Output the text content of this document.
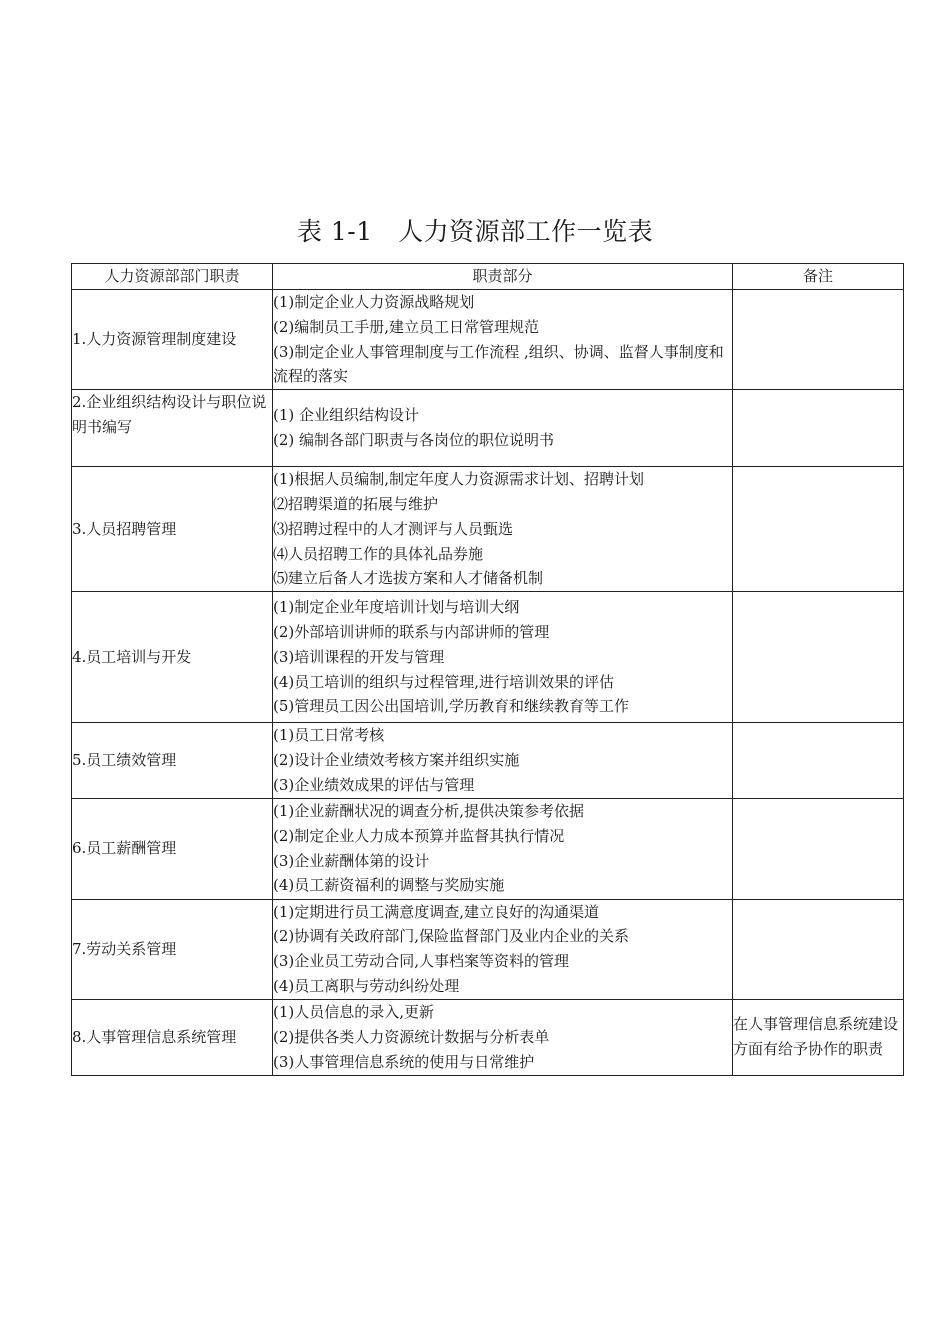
表 1-1　人力资源部工作一览表
人力资源部部门职责	职责部分	备注
1.人力资源管理制度建设	(1)制定企业人力资源战略规划
(2)编制员工手册,建立员工日常管理规范
(3)制定企业人事管理制度与工作流程 ,组织、协调、监督人事制度和流程的落实	

2.企业组织结构设计与职位说明书编写	(1) 企业组织结构设计
(2) 编制各部门职责与各岗位的职位说明书	

3.人员招聘管理	(1)根据人员编制,制定年度人力资源需求计划、招聘计划
⑵招聘渠道的拓展与维护
⑶招聘过程中的人才测评与人员甄选
⑷人员招聘工作的具体礼品券施
⑸建立后备人才选拔方案和人才储备机制	

4.员工培训与开发	(1)制定企业年度培训计划与培训大纲
(2)外部培训讲师的联系与内部讲师的管理
(3)培训课程的开发与管理
(4)员工培训的组织与过程管理,进行培训效果的评估
(5)管理员工因公出国培训,学历教育和继续教育等工作	

5.员工绩效管理	(1)员工日常考核
(2)设计企业绩效考核方案并组织实施
(3)企业绩效成果的评估与管理	

6.员工薪酬管理	(1)企业薪酬状况的调查分析,提供决策参考依据
(2)制定企业人力成本预算并监督其执行情况
(3)企业薪酬体第的设计
(4)员工薪资福利的调整与奖励实施	

7.劳动关系管理	(1)定期进行员工满意度调查,建立良好的沟通渠道
(2)协调有关政府部门,保险监督部门及业内企业的关系
(3)企业员工劳动合同,人事档案等资料的管理
(4)员工离职与劳动纠纷处理	

8.人事管理信息系统管理	(1)人员信息的录入,更新
(2)提供各类人力资源统计数据与分析表单
(3)人事管理信息系统的使用与日常维护	在人事管理信息系统建设方面有给予协作的职责
